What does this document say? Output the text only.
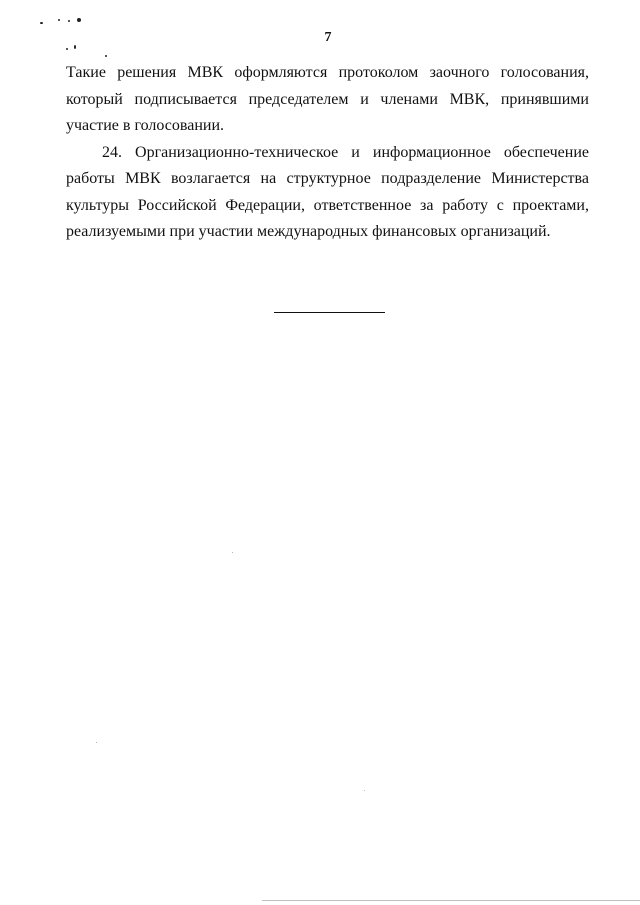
7

Такие решения МВК оформляются протоколом заочного голосования, который подписывается председателем и членами МВК, принявшими участие в голосовании.

24. Организационно-техническое и информационное обеспечение работы МВК возлагается на структурное подразделение Министерства культуры Российской Федерации, ответственное за работу с проектами, реализуемыми при участии международных финансовых организаций.
